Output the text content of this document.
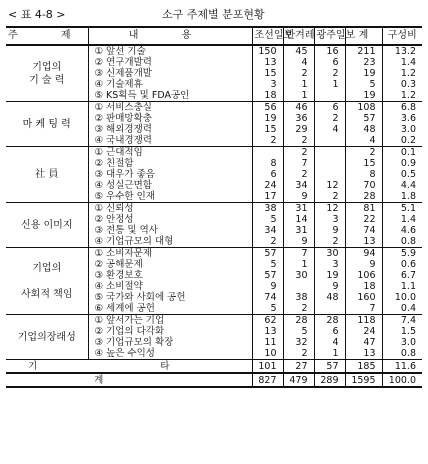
< 표 4-8 >	소구 주제별 분포현황
주 제	내 용	조선일보	한겨레	광주일보	계	구성비
기업의
기 술 력	① 앞선 기술	150	45	16	211	13.2
	② 연구개발력	13	4	6	23	1.4
	③ 신제품개발	15	2	2	19	1.2
	④ 기술제휴	3	1	1	5	0.3
	⑤ KS획득 및 FDA공인	18	1		19	1.2
마 케 팅 력	① 서비스충실	56	46	6	108	6.8
	② 판매망확충	19	36	2	57	3.6
	③ 해외경쟁력	15	29	4	48	3.0
	④ 국내경쟁력	2	2		4	0.2
社 員	① 근대적임		2		2	0.1
	② 친절함	8	7		15	0.9
	③ 대우가 좋음	6	2		8	0.5
	④ 성실근면함	24	34	12	70	4.4
	⑤ 우수한 인재	17	9	2	28	1.8
신용 이미지	① 신뢰성	38	31	12	81	5.1
	② 안정성	5	14	3	22	1.4
	③ 전통 및 역사	34	31	9	74	4.6
	④ 기업규모의 대형	2	9	2	13	0.8
기업의

사회적 책임	① 소비자문제	57	7	30	94	5.9
	② 공해문제	5	1	3	9	0.6
	③ 환경보호	57	30	19	106	6.7
	④ 소비절약	9		9	18	1.1
	⑤ 국가와 사회에 공헌	74	38	48	160	10.0
	⑥ 세계에 공헌	5	2		7	0.4
기업의장래성	① 앞서가는 기업	62	28	28	118	7.4
	② 기업의 다각화	13	5	6	24	1.5
	③ 기업규모의 확장	11	32	4	47	3.0
	④ 높은 수익성	10	2	1	13	0.8
기 타		101	27	57	185	11.6
계		827	479	289	1595	100.0
